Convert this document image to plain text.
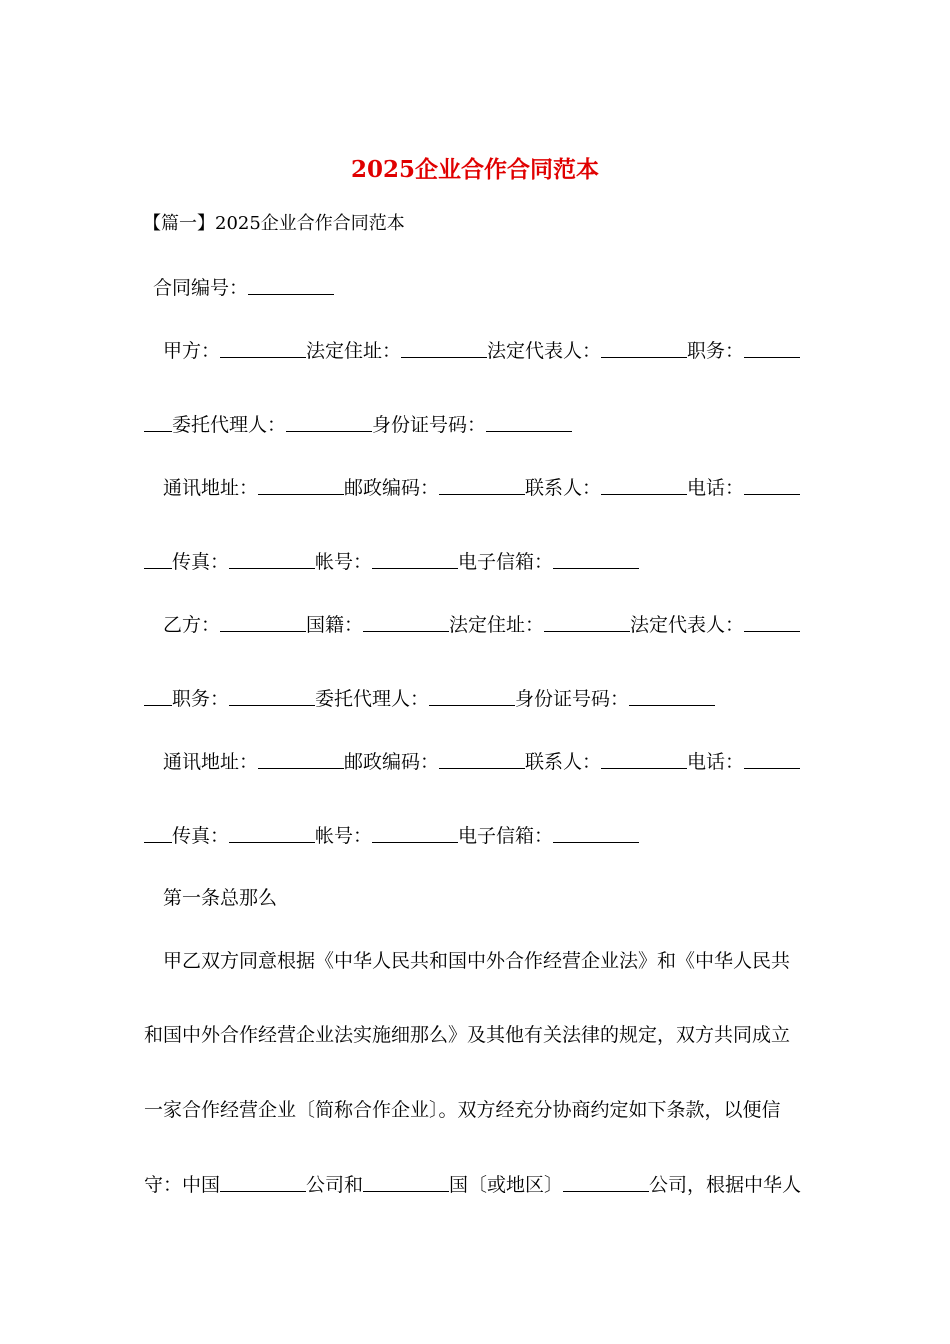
2025企业合作合同范本
【篇一】2025企业合作合同范本
合同编号：
甲方：	法定住址：	法定代表人：	职务：
委托代理人：	身份证号码：
通讯地址：	邮政编码：	联系人：	电话：
传真：	帐号：	电子信箱：
乙方：	国籍：	法定住址：	法定代表人：
职务：	委托代理人：	身份证号码：
通讯地址：	邮政编码：	联系人：	电话：
传真：	帐号：	电子信箱：
第一条总那么
甲乙双方同意根据《中华人民共和国中外合作经营企业法》和《中华人民共
和国中外合作经营企业法实施细那么》及其他有关法律的规定，双方共同成立
一家合作经营企业〔简称合作企业〕。双方经充分协商约定如下条款，以便信
守：中国	公司和	国〔或地区〕	公司，根据中华人
